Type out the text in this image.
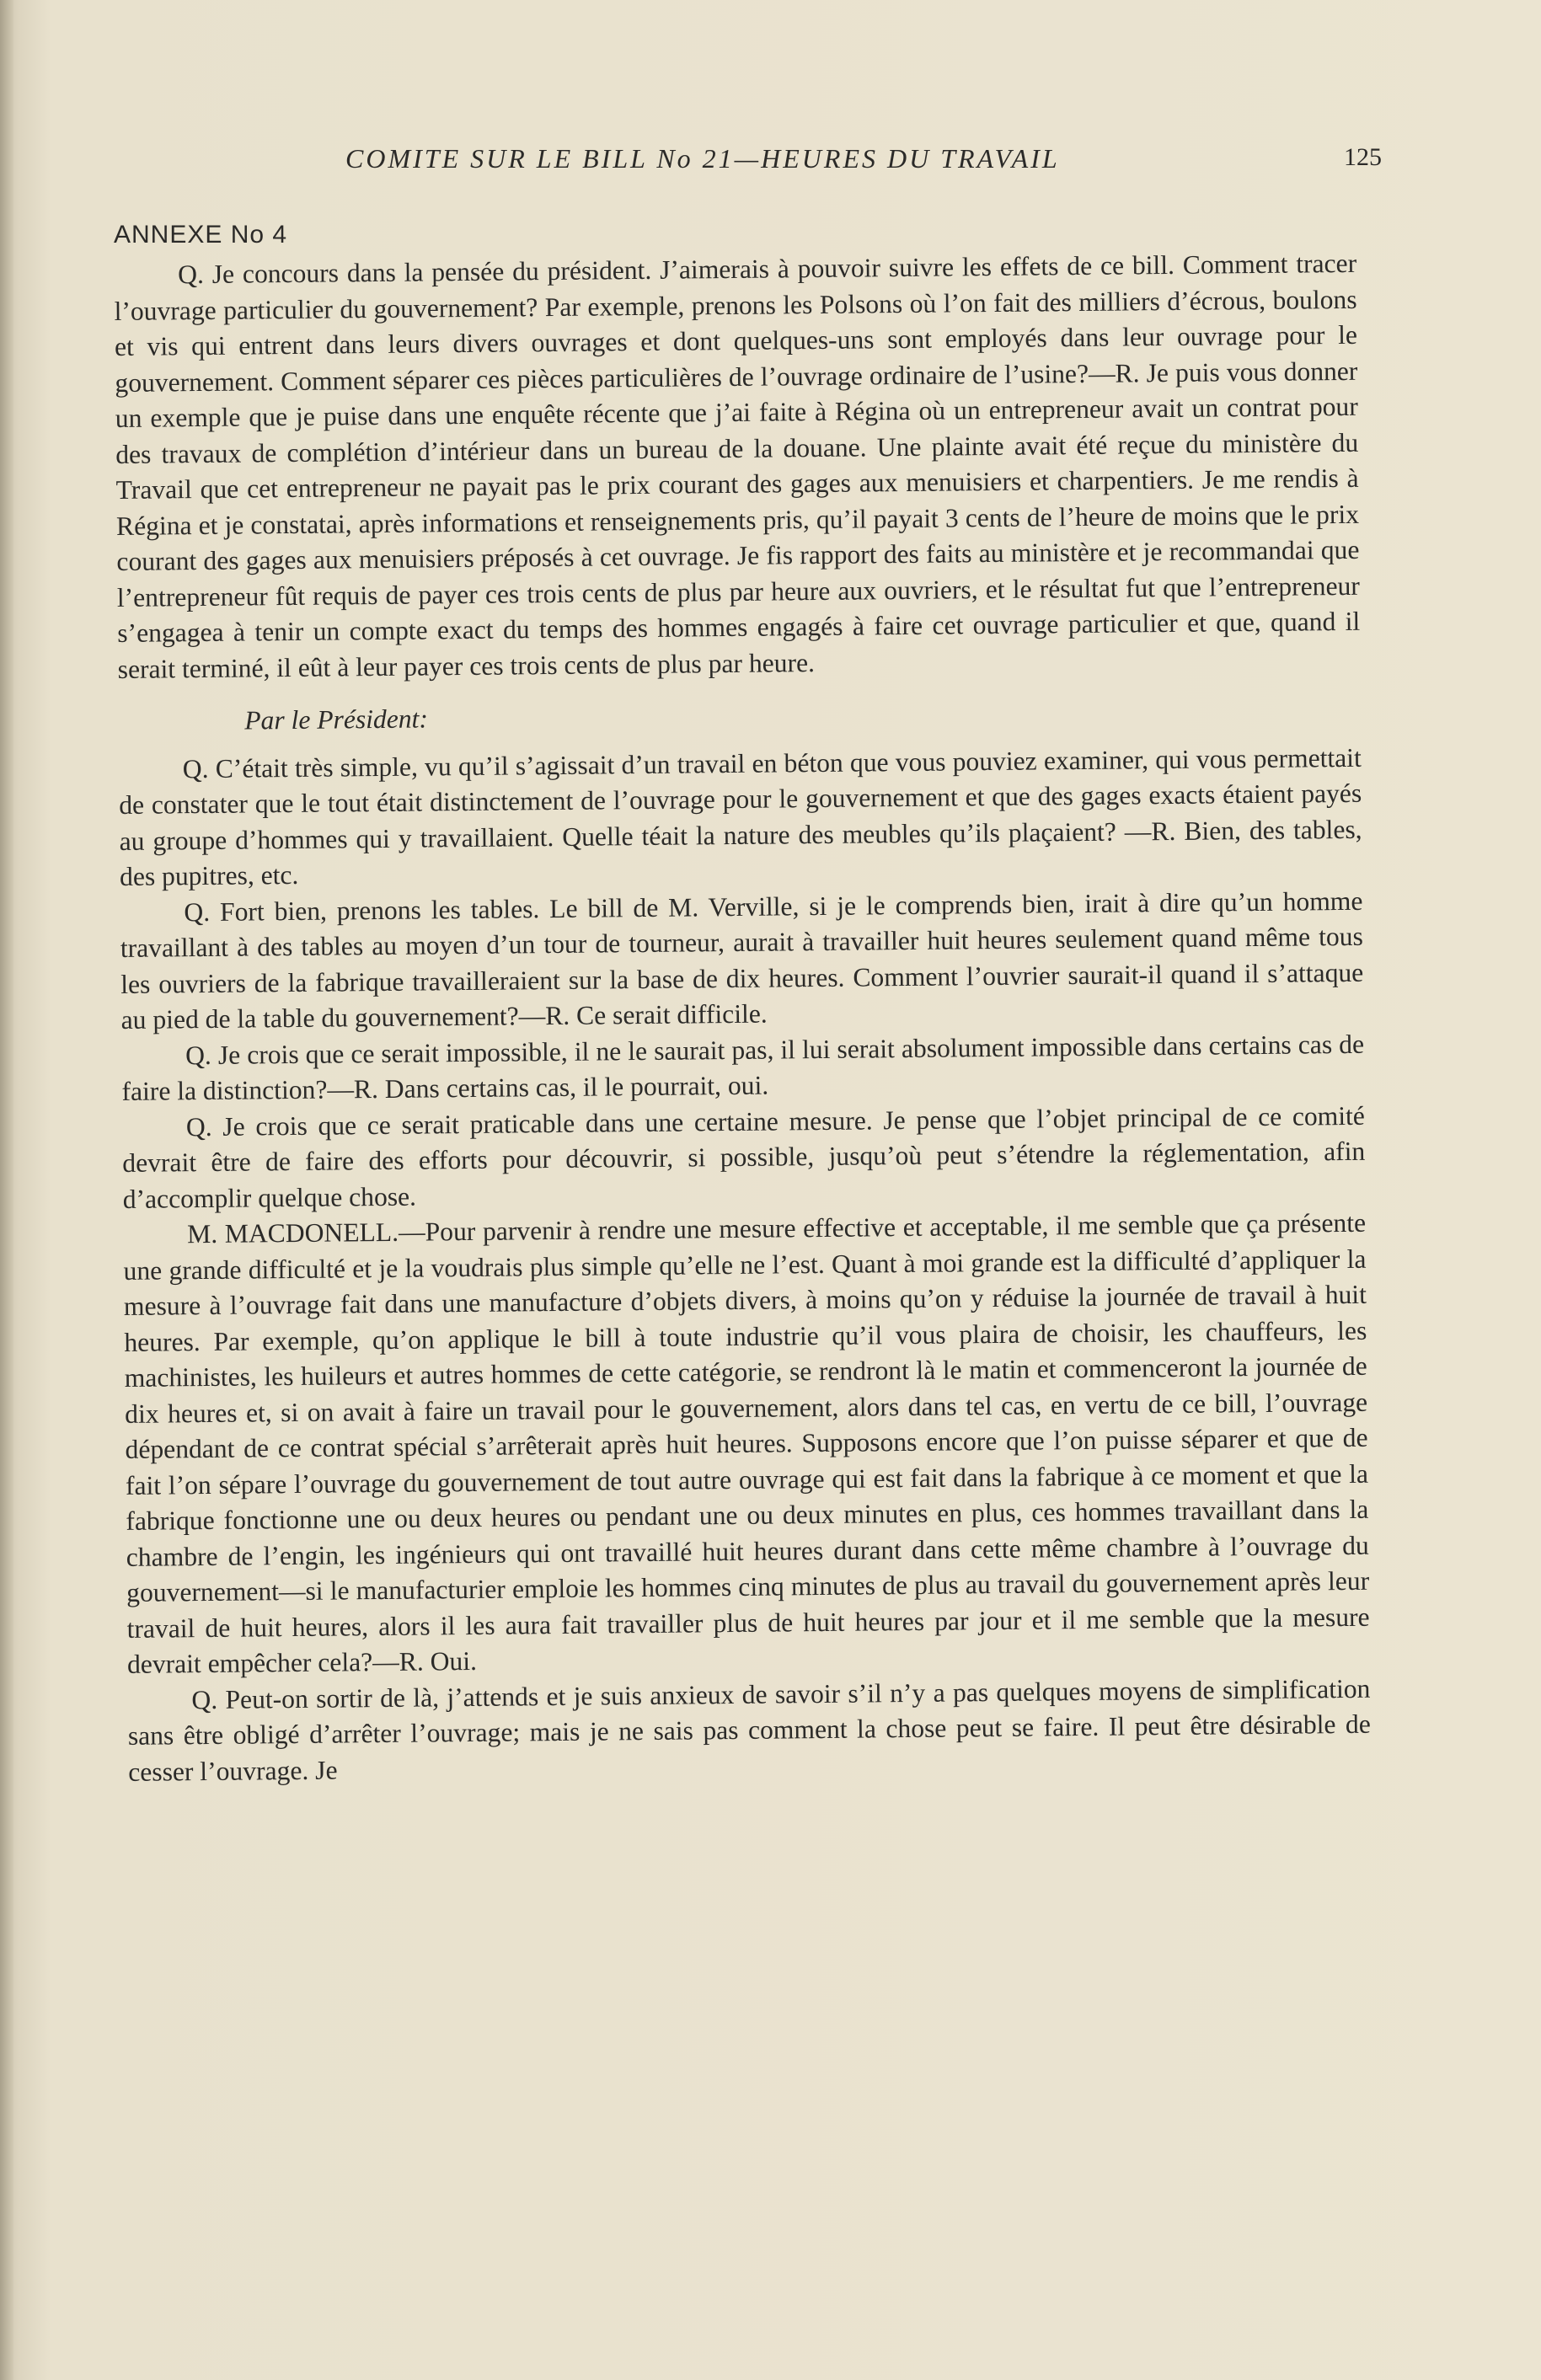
COMITE SUR LE BILL No 21—HEURES DU TRAVAIL	125
ANNEXE No 4

Q. Je concours dans la pensée du président. J’aimerais à pouvoir suivre les effets de ce bill. Comment tracer l’ouvrage particulier du gouvernement? Par exemple, prenons les Polsons où l’on fait des milliers d’écrous, boulons et vis qui entrent dans leurs divers ouvrages et dont quelques-uns sont employés dans leur ouvrage pour le gouvernement. Comment séparer ces pièces particulières de l’ouvrage ordinaire de l’usine?—R. Je puis vous donner un exemple que je puise dans une enquête récente que j’ai faite à Régina où un entrepreneur avait un contrat pour des travaux de complétion d’intérieur dans un bureau de la douane. Une plainte avait été reçue du ministère du Travail que cet entrepreneur ne payait pas le prix courant des gages aux menuisiers et charpentiers. Je me rendis à Régina et je constatai, après informations et renseignements pris, qu’il payait 3 cents de l’heure de moins que le prix courant des gages aux menuisiers préposés à cet ouvrage. Je fis rapport des faits au ministère et je recommandai que l’entrepreneur fût requis de payer ces trois cents de plus par heure aux ouvriers, et le résultat fut que l’entrepreneur s’engagea à tenir un compte exact du temps des hommes engagés à faire cet ouvrage particulier et que, quand il serait terminé, il eût à leur payer ces trois cents de plus par heure.

Par le Président:

Q. C’était très simple, vu qu’il s’agissait d’un travail en béton que vous pouviez examiner, qui vous permettait de constater que le tout était distinctement de l’ouvrage pour le gouvernement et que des gages exacts étaient payés au groupe d’hommes qui y travaillaient. Quelle téait la nature des meubles qu’ils plaçaient? —R. Bien, des tables, des pupitres, etc.

Q. Fort bien, prenons les tables. Le bill de M. Verville, si je le comprends bien, irait à dire qu’un homme travaillant à des tables au moyen d’un tour de tourneur, aurait à travailler huit heures seulement quand même tous les ouvriers de la fabrique travailleraient sur la base de dix heures. Comment l’ouvrier saurait-il quand il s’attaque au pied de la table du gouvernement?—R. Ce serait difficile.

Q. Je crois que ce serait impossible, il ne le saurait pas, il lui serait absolument impossible dans certains cas de faire la distinction?—R. Dans certains cas, il le pourrait, oui.

Q. Je crois que ce serait praticable dans une certaine mesure. Je pense que l’objet principal de ce comité devrait être de faire des efforts pour découvrir, si possible, jusqu’où peut s’étendre la réglementation, afin d’accomplir quelque chose.

M. MACDONELL.—Pour parvenir à rendre une mesure effective et acceptable, il me semble que ça présente une grande difficulté et je la voudrais plus simple qu’elle ne l’est. Quant à moi grande est la difficulté d’appliquer la mesure à l’ouvrage fait dans une manufacture d’objets divers, à moins qu’on y réduise la journée de travail à huit heures. Par exemple, qu’on applique le bill à toute industrie qu’il vous plaira de choisir, les chauffeurs, les machinistes, les huileurs et autres hommes de cette catégorie, se rendront là le matin et commenceront la journée de dix heures et, si on avait à faire un travail pour le gouvernement, alors dans tel cas, en vertu de ce bill, l’ouvrage dépendant de ce contrat spécial s’arrêterait après huit heures. Supposons encore que l’on puisse séparer et que de fait l’on sépare l’ouvrage du gouvernement de tout autre ouvrage qui est fait dans la fabrique à ce moment et que la fabrique fonctionne une ou deux heures ou pendant une ou deux minutes en plus, ces hommes travaillant dans la chambre de l’engin, les ingénieurs qui ont travaillé huit heures durant dans cette même chambre à l’ouvrage du gouvernement—si le manufacturier emploie les hommes cinq minutes de plus au travail du gouvernement après leur travail de huit heures, alors il les aura fait travailler plus de huit heures par jour et il me semble que la mesure devrait empêcher cela?—R. Oui.

Q. Peut-on sortir de là, j’attends et je suis anxieux de savoir s’il n’y a pas quelques moyens de simplification sans être obligé d’arrêter l’ouvrage; mais je ne sais pas comment la chose peut se faire. Il peut être désirable de cesser l’ouvrage. Je
